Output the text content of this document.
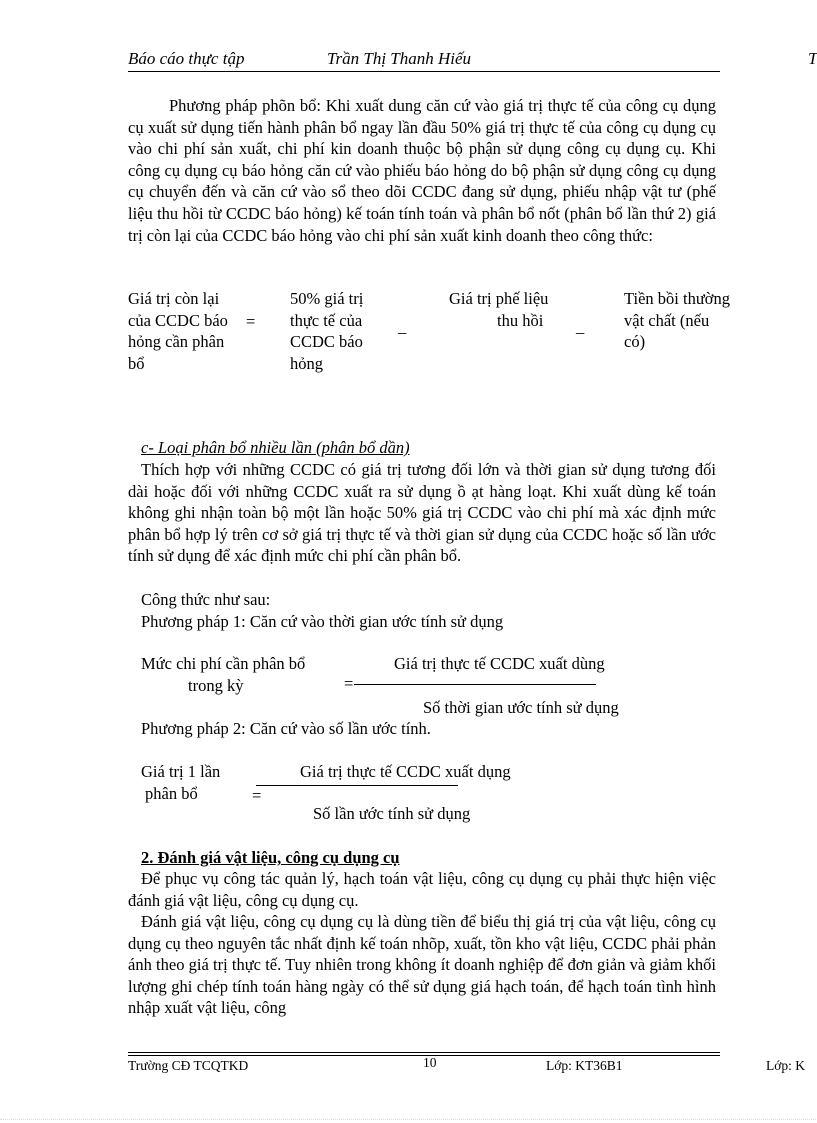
Báo cáo thực tập	Trần Thị Thanh Hiếu	T
Phương pháp phõn bổ: Khi xuất dung căn cứ vào giá trị thực tế của công cụ dụng cụ xuất sử dụng tiến hành phân bổ ngay lần đầu 50% giá trị thực tế của công cụ dụng cụ vào chi phí sản xuất, chi phí kin doanh thuộc bộ phận sử dụng công cụ dụng cụ. Khi công cụ dụng cụ báo hỏng căn cứ vào phiếu báo hỏng do bộ phận sử dụng công cụ dụng cụ chuyển đến và căn cứ vào sổ theo dõi CCDC đang sử dụng, phiếu nhập vật tư (phế liệu thu hồi từ CCDC báo hỏng) kế toán tính toán và phân bổ nốt (phân bổ lần thứ 2) giá trị còn lại của CCDC báo hỏng vào chi phí sản xuất kinh doanh theo công thức:
Giá trị còn lại của CCDC báo hỏng cần phân bổ
=
50% giá trị thực tế của CCDC báo hỏng
_
Giá trị phế liệu
thu hồi	_
Tiền bồi thường vật chất (nếu có)
c- Loại phân bổ nhiều lần (phân bổ dần)
Thích hợp với những CCDC có giá trị tương đối lớn và thời gian sử dụng tương đối dài hoặc đối với những CCDC xuất ra sử dụng ồ ạt hàng loạt. Khi xuất dùng kế toán không ghi nhận toàn bộ một lần hoặc 50% giá trị CCDC vào chi phí mà xác định mức phân bổ hợp lý trên cơ sở giá trị thực tế và thời gian sử dụng của CCDC hoặc số lần ước tính sử dụng để xác định mức chi phí cần phân bổ.
Công thức như sau:
Phương pháp 1: Căn cứ vào thời gian ước tính sử dụng
Mức chi phí cần phân bổ
trong kỳ	=
Giá trị thực tế CCDC xuất dùng
Số thời gian ước tính sử dụng
Phương pháp 2: Căn cứ vào số lần ước tính.
Giá trị 1 lần
phân bổ	=
Giá trị thực tế CCDC xuất dụng
Số lần ước tính sử dụng
2. Đánh giá vật liệu, công cụ dụng cụ
Để phục vụ công tác quản lý, hạch toán vật liệu, công cụ dụng cụ phải thực hiện việc đánh giá vật liệu, công cụ dụng cụ.
Đánh giá vật liệu, công cụ dụng cụ là dùng tiền để biểu thị giá trị của vật liệu, công cụ dụng cụ theo nguyên tắc nhất định kế toán nhõp, xuất, tồn kho vật liệu, CCDC phải phản ánh theo giá trị thực tế. Tuy nhiên trong không ít doanh nghiệp để đơn giản và giảm khối lượng ghi chép tính toán hàng ngày có thể sử dụng giá hạch toán, để hạch toán tình hình nhập xuất vật liệu, công
Trường CĐ TCQTKD	10	Lớp: KT36B1	Lớp: K
